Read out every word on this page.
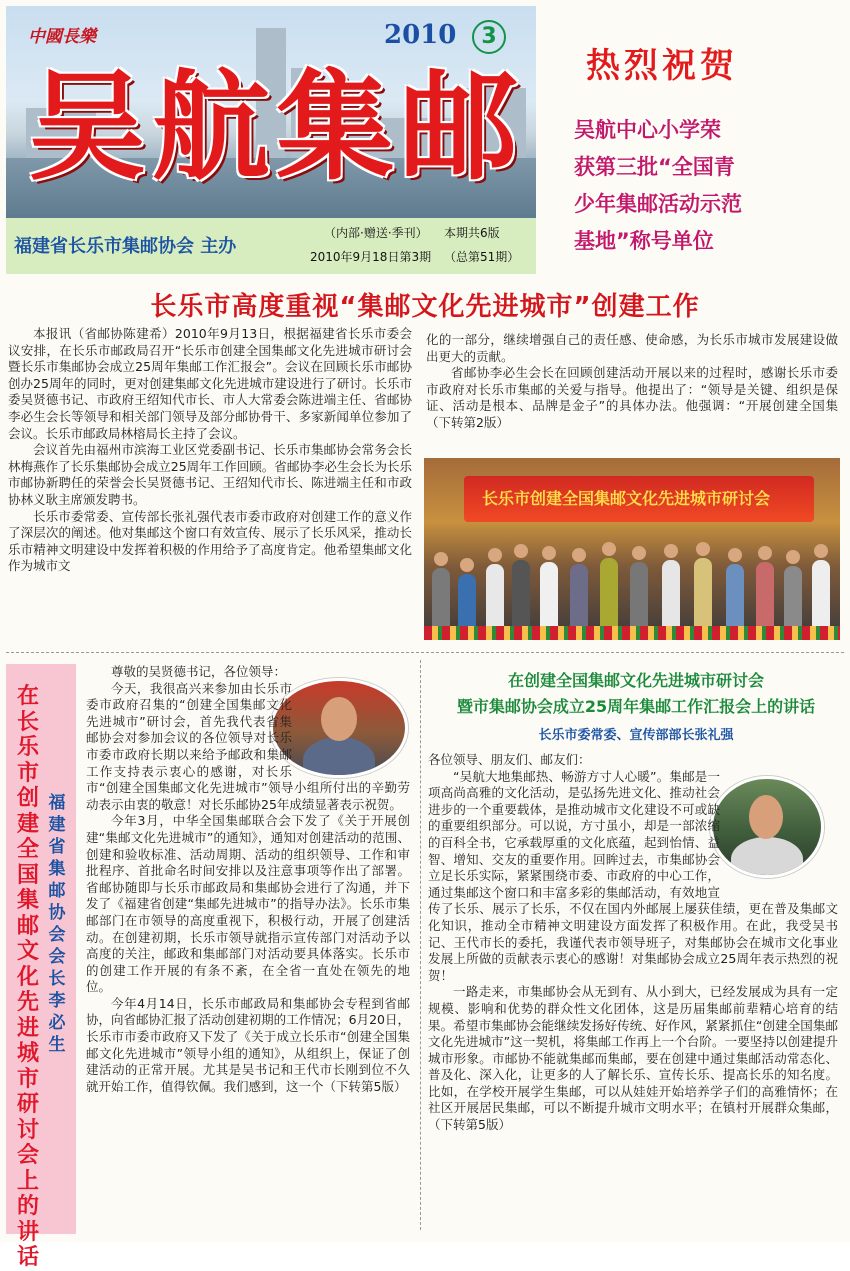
中國長樂	2010	3
吴航集邮
福建省长乐市集邮协会 主办
（内部·赠送·季刊） 本期共6版
2010年9月18日第3期 （总第51期）
热烈祝贺
吴航中心小学荣
获第三批“全国青
少年集邮活动示范
基地”称号单位
长乐市高度重视“集邮文化先进城市”创建工作

本报讯（省邮协陈建希）2010年9月13日，根据福建省长乐市委会议安排，在长乐市邮政局召开“长乐市创建全国集邮文化先进城市研讨会暨长乐市集邮协会成立25周年集邮工作汇报会”。会议在回顾长乐市邮协创办25周年的同时，更对创建集邮文化先进城市建设进行了研讨。长乐市委吴贤德书记、市政府王绍知代市长、市人大常委会陈进端主任、省邮协李必生会长等领导和相关部门领导及部分邮协骨干、多家新闻单位参加了会议。长乐市邮政局林榕局长主持了会议。

会议首先由福州市滨海工业区党委副书记、长乐市集邮协会常务会长林梅燕作了长乐集邮协会成立25周年工作回顾。省邮协李必生会长为长乐市邮协新聘任的荣誉会长吴贤德书记、王绍知代市长、陈进端主任和市政协林义耿主席颁发聘书。

长乐市委常委、宣传部长张礼强代表市委市政府对创建工作的意义作了深层次的阐述。他对集邮这个窗口有效宣传、展示了长乐风采，推动长乐市精神文明建设中发挥着积极的作用给予了高度肯定。他希望集邮文化作为城市文

化的一部分，继续增强自己的责任感、使命感，为长乐市城市发展建设做出更大的贡献。

省邮协李必生会长在回顾创建活动开展以来的过程时，感谢长乐市委市政府对长乐市集邮的关爱与指导。他提出了：“领导是关键、组织是保证、活动是根本、品牌是金子”的具体办法。他强调：“开展创建全国集（下转第2版）

长乐市创建全国集邮文化先进城市研讨会
在长乐市创建全国集邮文化先进城市研讨会上的讲话
福建省集邮协会会长 李必生

尊敬的吴贤德书记，各位领导：

今天，我很高兴来参加由长乐市委市政府召集的“创建全国集邮文化先进城市”研讨会，首先我代表省集邮协会对参加会议的各位领导对长乐市委市政府长期以来给予邮政和集邮工作支持表示衷心的感谢，对长乐市“创建全国集邮文化先进城市”领导小组所付出的辛勤劳动表示由衷的敬意！对长乐邮协25年成绩显著表示祝贺。

今年3月，中华全国集邮联合会下发了《关于开展创建“集邮文化先进城市”的通知》，通知对创建活动的范围、创建和验收标准、活动周期、活动的组织领导、工作和审批程序、首批命名时间安排以及注意事项等作出了部署。省邮协随即与长乐市邮政局和集邮协会进行了沟通，并下发了《福建省创建“集邮先进城市”的指导办法》。长乐市集邮部门在市领导的高度重视下，积极行动，开展了创建活动。在创建初期，长乐市领导就指示宣传部门对活动予以高度的关注，邮政和集邮部门对活动要具体落实。长乐市的创建工作开展的有条不紊，在全省一直处在领先的地位。

今年4月14日，长乐市邮政局和集邮协会专程到省邮协，向省邮协汇报了活动创建初期的工作情况；6月20日，长乐市市委市政府又下发了《关于成立长乐市“创建全国集邮文化先进城市”领导小组的通知》，从组织上，保证了创建活动的正常开展。尤其是吴书记和王代市长刚到位不久就开始工作，值得钦佩。我们感到，这一个（下转第5版）

在创建全国集邮文化先进城市研讨会
暨市集邮协会成立25周年集邮工作汇报会上的讲话
长乐市委常委、宣传部部长张礼强

各位领导、朋友们、邮友们：

“吴航大地集邮热、畅游方寸人心暖”。集邮是一项高尚高雅的文化活动，是弘扬先进文化、推动社会进步的一个重要载体，是推动城市文化建设不可或缺的重要组织部分。可以说，方寸虽小，却是一部浓缩的百科全书，它承载厚重的文化底蕴，起到怡情、益智、增知、交友的重要作用。回眸过去，市集邮协会立足长乐实际，紧紧围绕市委、市政府的中心工作，通过集邮这个窗口和丰富多彩的集邮活动，有效地宣传了长乐、展示了长乐，不仅在国内外邮展上屡获佳绩，更在普及集邮文化知识，推动全市精神文明建设方面发挥了积极作用。在此，我受吴书记、王代市长的委托，我谨代表市领导班子，对集邮协会在城市文化事业发展上所做的贡献表示衷心的感谢！对集邮协会成立25周年表示热烈的祝贺！

一路走来，市集邮协会从无到有、从小到大，已经发展成为具有一定规模、影响和优势的群众性文化团体，这是历届集邮前辈精心培育的结果。希望市集邮协会能继续发扬好传统、好作风，紧紧抓住“创建全国集邮文化先进城市”这一契机，将集邮工作再上一个台阶。一要坚持以创建提升城市形象。市邮协不能就集邮而集邮，要在创建中通过集邮活动常态化、普及化、深入化，让更多的人了解长乐、宣传长乐、提高长乐的知名度。比如，在学校开展学生集邮，可以从娃娃开始培养学子们的高雅情怀；在社区开展居民集邮，可以不断提升城市文明水平；在镇村开展群众集邮，（下转第5版）
